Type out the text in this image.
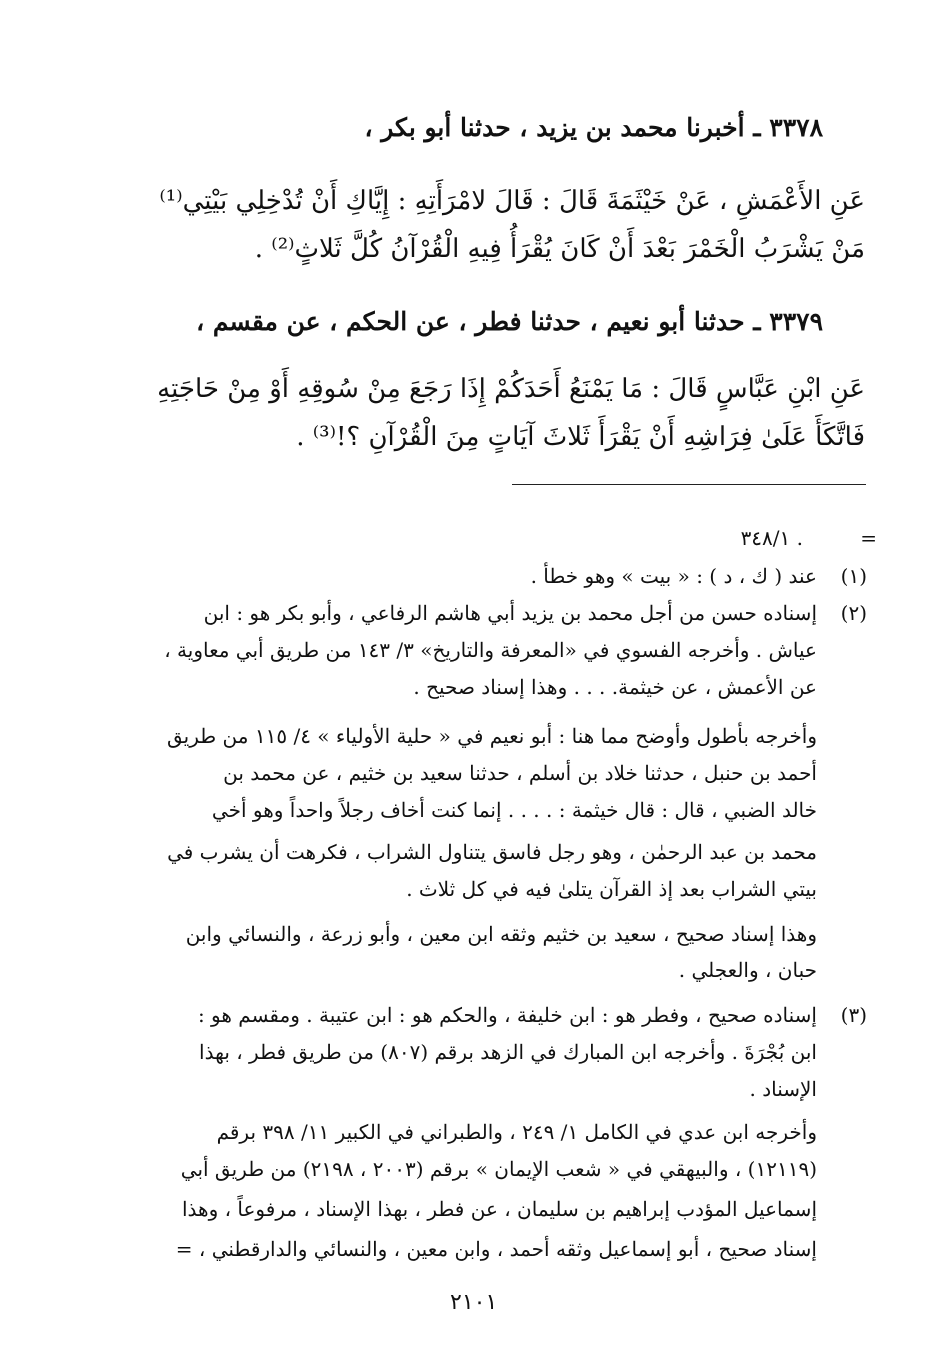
٣٣٧٨ ـ أخبرنا محمد بن يزيد ، حدثنا أبو بكر ،
عَنِ الأَعْمَشِ ، عَنْ خَيْثَمَةَ قَالَ : قَالَ لامْرَأَتِهِ : إِيَّاكِ أَنْ تُدْخِلِي بَيْتِي⁽¹⁾
مَنْ يَشْرَبُ الْخَمْرَ بَعْدَ أَنْ كَانَ يُقْرَأُ فِيهِ الْقُرْآنُ كُلَّ ثَلاثٍ⁽²⁾ .
٣٣٧٩ ـ حدثنا أبو نعيم ، حدثنا فطر ، عن الحكم ، عن مقسم ،
عَنِ ابْنِ عَبَّاسٍ قَالَ : مَا يَمْنَعُ أَحَدَكُمْ إِذَا رَجَعَ مِنْ سُوقِهِ أَوْ مِنْ حَاجَتِهِ
فَاتَّكَأَ عَلَىٰ فِرَاشِهِ أَنْ يَقْرَأَ ثَلاثَ آيَاتٍ مِنَ الْقُرْآنِ ؟!⁽³⁾ .
=
٣٤٨/١ .
(١)
عند ( ك ، د ) : « بيت » وهو خطأ .
(٢)
إسناده حسن من أجل محمد بن يزيد أبي هاشم الرفاعي ، وأبو بكر هو : ابن
عياش . وأخرجه الفسوي في «المعرفة والتاريخ» ٣/ ١٤٣ من طريق أبي معاوية ،
عن الأعمش ، عن خيثمة. . . . وهذا إسناد صحيح .
وأخرجه بأطول وأوضح مما هنا : أبو نعيم في « حلية الأولياء » ٤/ ١١٥ من طريق
أحمد بن حنبل ، حدثنا خلاد بن أسلم ، حدثنا سعيد بن خثيم ، عن محمد بن
خالد الضبي ، قال : قال خيثمة : . . . . إنما كنت أخاف رجلاً واحداً وهو أخي
محمد بن عبد الرحمٰن ، وهو رجل فاسق يتناول الشراب ، فكرهت أن يشرب في
بيتي الشراب بعد إذ القرآن يتلىٰ فيه في كل ثلاث .
وهذا إسناد صحيح ، سعيد بن خثيم وثقه ابن معين ، وأبو زرعة ، والنسائي وابن
حبان ، والعجلي .
(٣)
إسناده صحيح ، وفطر هو : ابن خليفة ، والحكم هو : ابن عتيبة . ومقسم هو :
ابن بُجْرَةَ . وأخرجه ابن المبارك في الزهد برقم (٨٠٧) من طريق فطر ، بهذا
الإسناد .
وأخرجه ابن عدي في الكامل ١/ ٢٤٩ ، والطبراني في الكبير ١١/ ٣٩٨ برقم
(١٢١١٩) ، والبيهقي في « شعب الإيمان » برقم (٢٠٠٣ ، ٢١٩٨) من طريق أبي
إسماعيل المؤدب إبراهيم بن سليمان ، عن فطر ، بهذا الإسناد ، مرفوعاً ، وهذا
إسناد صحيح ، أبو إسماعيل وثقه أحمد ، وابن معين ، والنسائي والدارقطني ، =
٢١٠١
